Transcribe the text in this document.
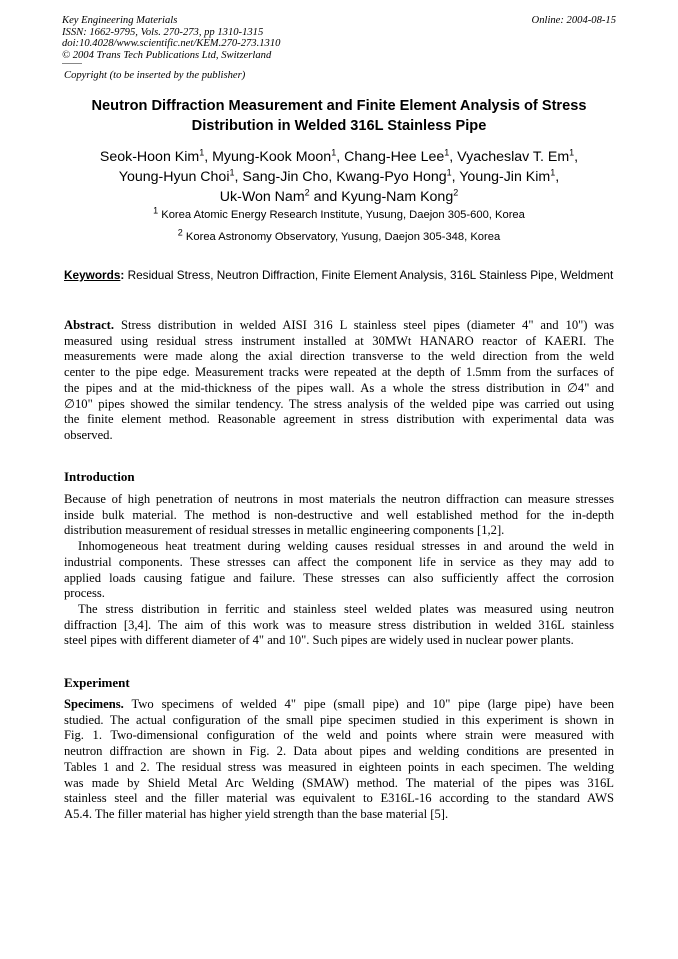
Key Engineering Materials
ISSN: 1662-9795, Vols. 270-273, pp 1310-1315
doi:10.4028/www.scientific.net/KEM.270-273.1310
© 2004 Trans Tech Publications Ltd, Switzerland
Online: 2004-08-15
Copyright (to be inserted by the publisher)
Neutron Diffraction Measurement and Finite Element Analysis of Stress
Distribution in Welded 316L Stainless Pipe
Seok-Hoon Kim$^1$, Myung-Kook Moon$^1$, Chang-Hee Lee$^1$, Vyacheslav T. Em$^1$,
Young-Hyun Choi$^1$, Sang-Jin Cho, Kwang-Pyo Hong$^1$, Young-Jin Kim$^1$,
Uk-Won Nam$^2$ and Kyung-Nam Kong$^2$
$^1$ Korea Atomic Energy Research Institute, Yusung, Daejon 305-600, Korea
$^2$ Korea Astronomy Observatory, Yusung, Daejon 305-348, Korea
Keywords: Residual Stress, Neutron Diffraction, Finite Element Analysis, 316L Stainless Pipe, Weldment
Abstract. Stress distribution in welded AISI 316 L stainless steel pipes (diameter 4" and 10") was
measured using residual stress instrument installed at 30MWt HANARO reactor of KAERI. The
measurements were made along the axial direction transverse to the weld direction from the weld
center to the pipe edge. Measurement tracks were repeated at the depth of 1.5mm from the surfaces of
the pipes and at the mid-thickness of the pipes wall. As a whole the stress distribution in ∅4" and
∅10" pipes showed the similar tendency. The stress analysis of the welded pipe was carried out using
the finite element method. Reasonable agreement in stress distribution with experimental data was
observed.
Introduction
Because of high penetration of neutrons in most materials the neutron diffraction can measure stresses
inside bulk material. The method is non-destructive and well established method for the in-depth
distribution measurement of residual stresses in metallic engineering components [1,2].
Inhomogeneous heat treatment during welding causes residual stresses in and around the weld in
industrial components. These stresses can affect the component life in service as they may add to
applied loads causing fatigue and failure. These stresses can also sufficiently affect the corrosion
process.
The stress distribution in ferritic and stainless steel welded plates was measured using neutron
diffraction [3,4]. The aim of this work was to measure stress distribution in welded 316L stainless
steel pipes with different diameter of 4" and 10". Such pipes are widely used in nuclear power plants.
Experiment
Specimens. Two specimens of welded 4" pipe (small pipe) and 10" pipe (large pipe) have been
studied. The actual configuration of the small pipe specimen studied in this experiment is shown in
Fig. 1. Two-dimensional configuration of the weld and points where strain were measured with
neutron diffraction are shown in Fig. 2. Data about pipes and welding conditions are presented in
Tables 1 and 2. The residual stress was measured in eighteen points in each specimen. The welding
was made by Shield Metal Arc Welding (SMAW) method. The material of the pipes was 316L
stainless steel and the filler material was equivalent to E316L-16 according to the standard AWS
A5.4. The filler material has higher yield strength than the base material [5].
